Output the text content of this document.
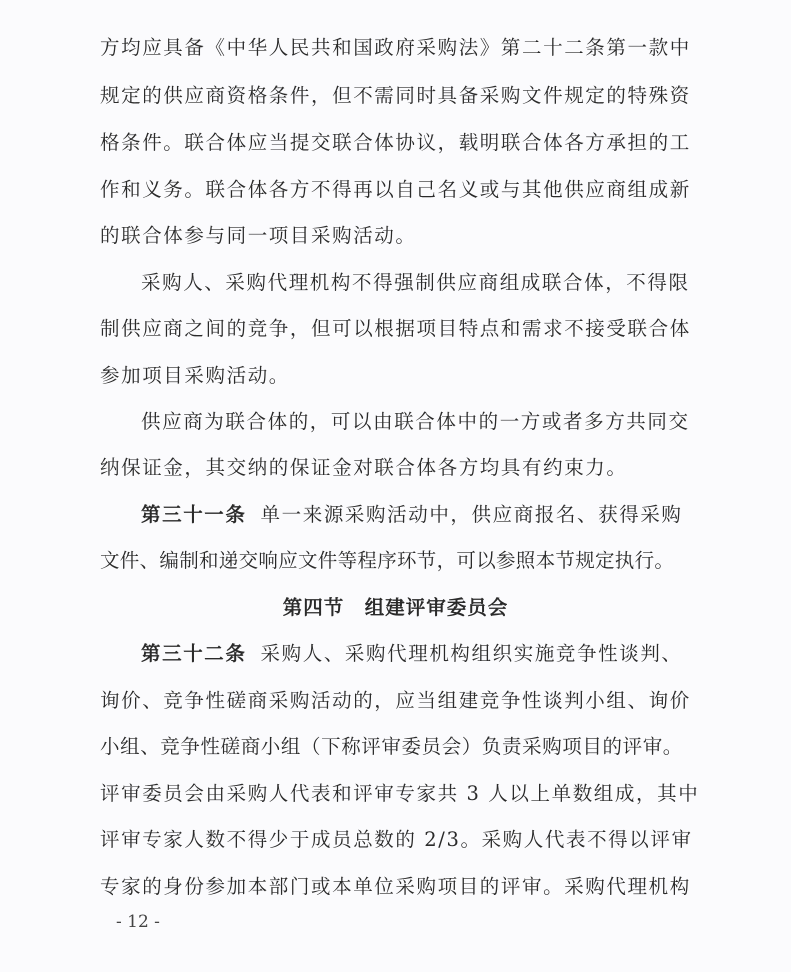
方均应具备《中华人民共和国政府采购法》第二十二条第一款中
规定的供应商资格条件，但不需同时具备采购文件规定的特殊资
格条件。联合体应当提交联合体协议，载明联合体各方承担的工
作和义务。联合体各方不得再以自己名义或与其他供应商组成新
的联合体参与同一项目采购活动。
采购人、采购代理机构不得强制供应商组成联合体，不得限
制供应商之间的竞争，但可以根据项目特点和需求不接受联合体
参加项目采购活动。
供应商为联合体的，可以由联合体中的一方或者多方共同交
纳保证金，其交纳的保证金对联合体各方均具有约束力。
第三十一条 单一来源采购活动中，供应商报名、获得采购
文件、编制和递交响应文件等程序环节，可以参照本节规定执行。
第四节　组建评审委员会
第三十二条 采购人、采购代理机构组织实施竞争性谈判、
询价、竞争性磋商采购活动的，应当组建竞争性谈判小组、询价
小组、竞争性磋商小组（下称评审委员会）负责采购项目的评审。
评审委员会由采购人代表和评审专家共 3 人以上单数组成，其中
评审专家人数不得少于成员总数的 2/3。采购人代表不得以评审
专家的身份参加本部门或本单位采购项目的评审。采购代理机构
- 12 -
